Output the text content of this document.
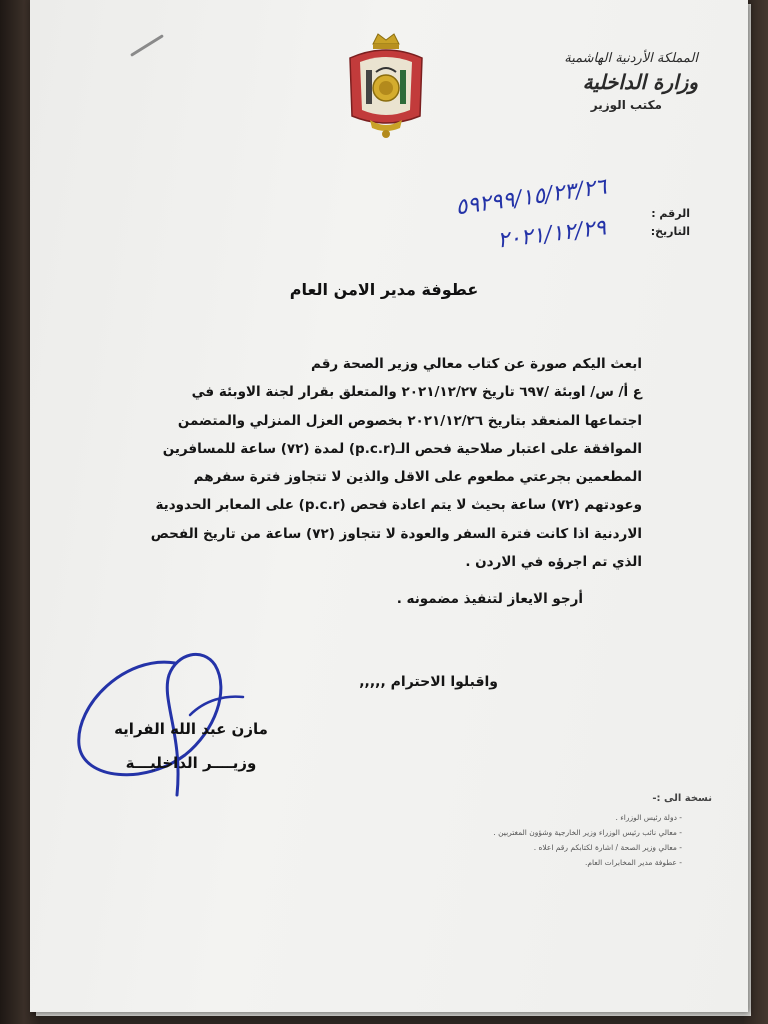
المملكة الأردنية الهاشمية
وزارة الداخلية
مكتب الوزير
الرقم :
التاريخ:
٥٩٢٩٩/١٥/٢٣/٢٦
٢٠٢١/١٢/٢٩
عطوفة مدير الامن العام

ابعث اليكم صورة عن كتاب معالي وزير الصحة رقم

ع أ/ س/ اوبئة /٦٩٧ تاريخ ٢٠٢١/١٢/٢٧ والمتعلق بقرار لجنة الاوبئة في

اجتماعها المنعقد بتاريخ ٢٠٢١/١٢/٢٦ بخصوص العزل المنزلي والمتضمن

الموافقة على اعتبار صلاحية فحص الـ(p.c.r) لمدة (٧٢) ساعة للمسافرين

المطعمين بجرعتي مطعوم على الاقل والذين لا تتجاوز فترة سفرهم

وعودتهم (٧٢) ساعة بحيث لا يتم اعادة فحص (p.c.r) على المعابر الحدودية

الاردنية اذا كانت فترة السفر والعودة لا تتجاوز (٧٢) ساعة من تاريخ الفحص

الذي تم اجرؤه في الاردن .

أرجو الايعاز لتنفيذ مضمونه .
واقبلوا الاحترام ,,,,,
مازن عبد الله الفرايه
وزيــــر الداخليـــة
نسخة الى :-
- دولة رئيس الوزراء .
- معالي نائب رئيس الوزراء وزير الخارجية وشؤون المغتربين .
- معالي وزير الصحة / اشارة لكتابكم رقم اعلاه .
- عطوفة مدير المخابرات العام.
